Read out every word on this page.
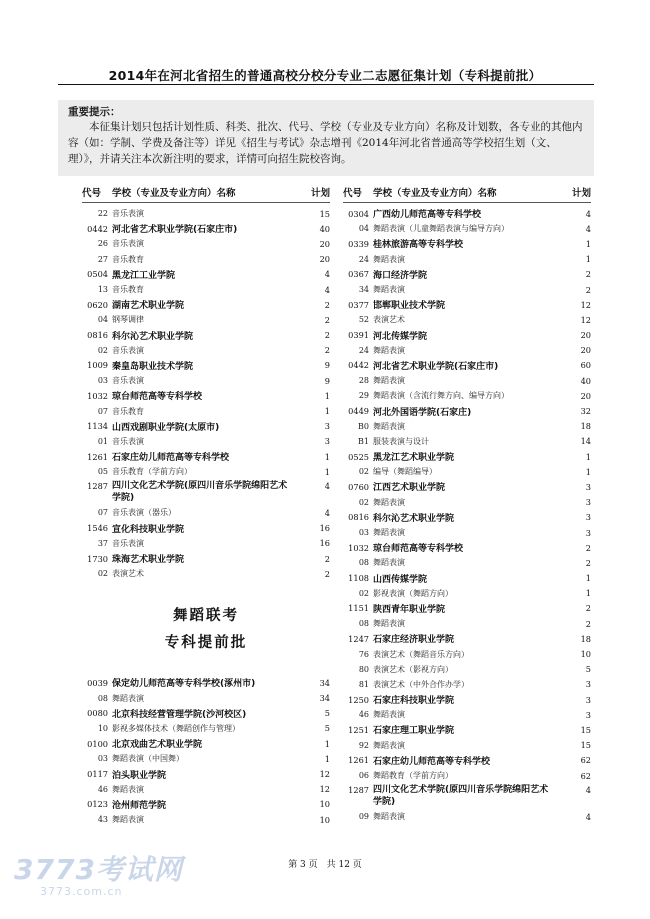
2014年在河北省招生的普通高校分校分专业二志愿征集计划（专科提前批）
重要提示：
本征集计划只包括计划性质、科类、批次、代号、学校（专业及专业方向）名称及计划数，各专业的其他内容（如：学制、学费及备注等）详见《招生与考试》杂志增刊《2014年河北省普通高等学校招生划（文、理）》，并请关注本次新注明的要求，详情可向招生院校咨询。
代号	学校（专业及专业方向）名称	计划
22 音乐表演	15
0442 河北省艺术职业学院(石家庄市)	40
26 音乐表演	20
27 音乐教育	20
0504 黑龙江工业学院	4
13 音乐教育	4
0620 湖南艺术职业学院	2
04 钢琴调律	2
0816 科尔沁艺术职业学院	2
02 音乐表演	2
1009 秦皇岛职业技术学院	9
03 音乐表演	9
1032 琼台师范高等专科学校	1
07 音乐教育	1
1134 山西戏剧职业学院(太原市)	3
01 音乐表演	3
1261 石家庄幼儿师范高等专科学校	1
05 音乐教育（学前方向）	1
1287 四川文化艺术学院(原四川音乐学院绵阳艺术学院)
4
07 音乐表演（器乐）	4
1546 宣化科技职业学院	16
37 音乐表演	16
1730 珠海艺术职业学院	2
02 表演艺术	2
舞蹈联考
专科提前批
0039 保定幼儿师范高等专科学校(涿州市)	34
08 舞蹈表演	34
0080 北京科技经营管理学院(沙河校区)	5
10 影视多媒体技术（舞蹈创作与管理）	5
0100 北京戏曲艺术职业学院	1
03 舞蹈表演（中国舞）	1
0117 泊头职业学院	12
46 舞蹈表演	12
0123 沧州师范学院	10
43 舞蹈表演	10
代号	学校（专业及专业方向）名称	计划
0304 广西幼儿师范高等专科学校	4
04 舞蹈表演（儿童舞蹈表演与编导方向）	4
0339 桂林旅游高等专科学校	1
24 舞蹈表演	1
0367 海口经济学院	2
34 舞蹈表演	2
0377 邯郸职业技术学院	12
52 表演艺术	12
0391 河北传媒学院	20
24 舞蹈表演	20
0442 河北省艺术职业学院(石家庄市)	60
28 舞蹈表演	40
29 舞蹈表演（含流行舞方向、编导方向）	20
0449 河北外国语学院(石家庄)	32
B0 舞蹈表演	18
B1 服装表演与设计	14
0525 黑龙江艺术职业学院	1
02 编导（舞蹈编导）	1
0760 江西艺术职业学院	3
02 舞蹈表演	3
0816 科尔沁艺术职业学院	3
03 舞蹈表演	3
1032 琼台师范高等专科学校	2
08 舞蹈表演	2
1108 山西传媒学院	1
02 影视表演（舞蹈方向）	1
1151 陕西青年职业学院	2
08 舞蹈表演	2
1247 石家庄经济职业学院	18
76 表演艺术（舞蹈音乐方向）	10
80 表演艺术（影视方向）	5
81 表演艺术（中外合作办学）	3
1250 石家庄科技职业学院	3
46 舞蹈表演	3
1251 石家庄理工职业学院	15
92 舞蹈表演	15
1261 石家庄幼儿师范高等专科学校	62
06 舞蹈教育（学前方向）	62
1287 四川文化艺术学院(原四川音乐学院绵阳艺术学院)
4
09 舞蹈表演	4
第 3 页　共 12 页
3773考试网
3773.com.cn
